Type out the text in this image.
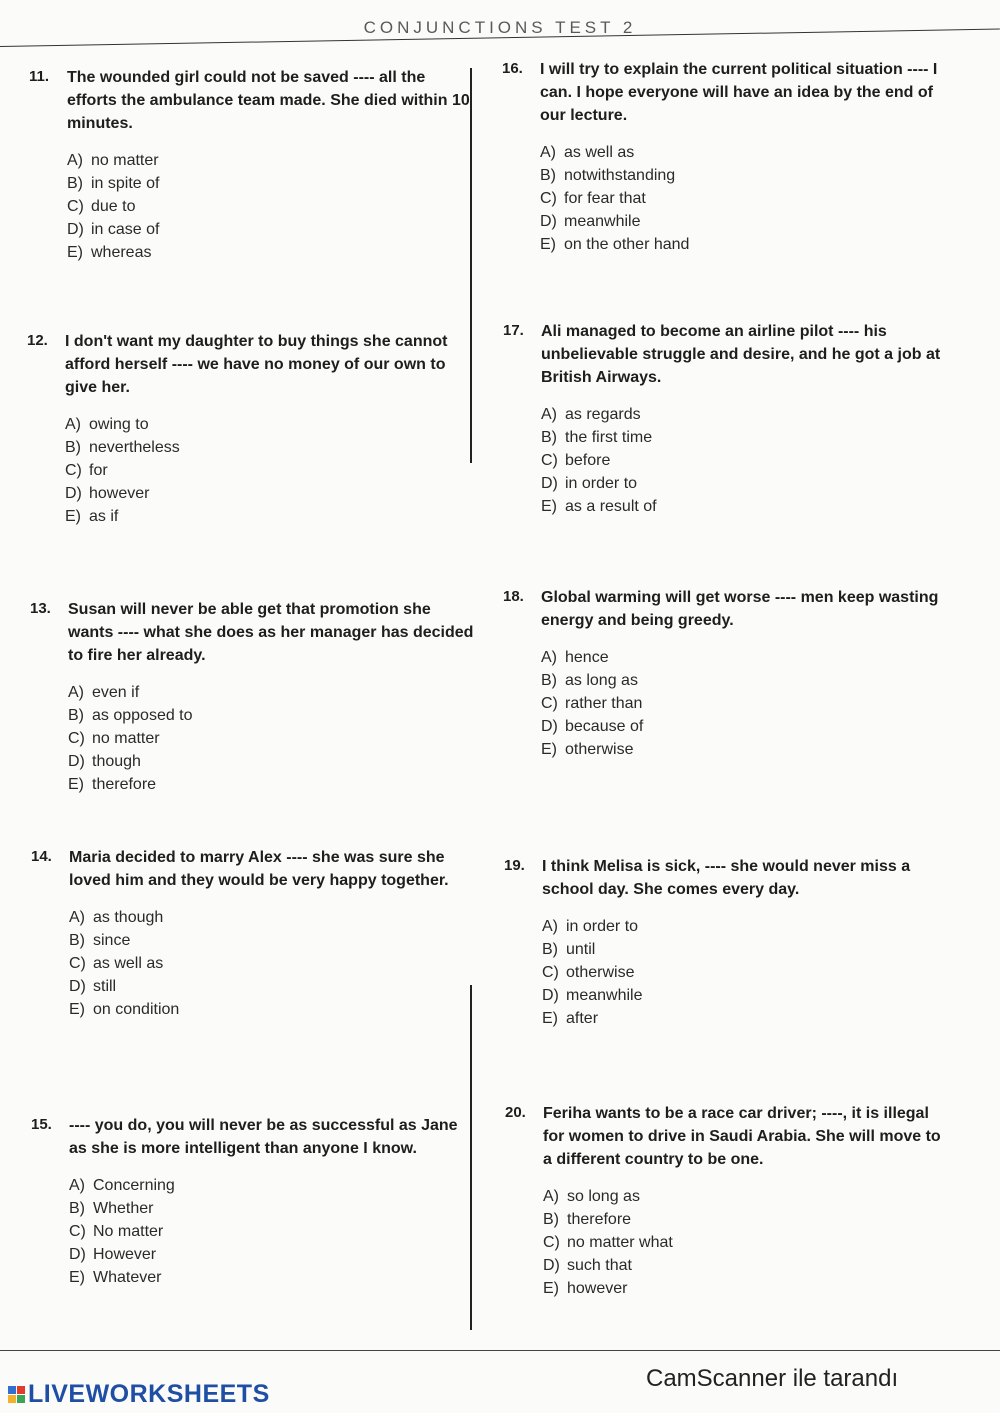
CONJUNCTIONS TEST 2
11. The wounded girl could not be saved ---- all the efforts the ambulance team made. She died within 10 minutes.
A) no matter
B) in spite of
C) due to
D) in case of
E) whereas
12. I don't want my daughter to buy things she cannot afford herself ---- we have no money of our own to give her.
A) owing to
B) nevertheless
C) for
D) however
E) as if
13. Susan will never be able get that promotion she wants ---- what she does as her manager has decided to fire her already.
A) even if
B) as opposed to
C) no matter
D) though
E) therefore
14. Maria decided to marry Alex ---- she was sure she loved him and they would be very happy together.
A) as though
B) since
C) as well as
D) still
E) on condition
15. ---- you do, you will never be as successful as Jane as she is more intelligent than anyone I know.
A) Concerning
B) Whether
C) No matter
D) However
E) Whatever
16. I will try to explain the current political situation ---- I can. I hope everyone will have an idea by the end of our lecture.
A) as well as
B) notwithstanding
C) for fear that
D) meanwhile
E) on the other hand
17. Ali managed to become an airline pilot ---- his unbelievable struggle and desire, and he got a job at British Airways.
A) as regards
B) the first time
C) before
D) in order to
E) as a result of
18. Global warming will get worse ---- men keep wasting energy and being greedy.
A) hence
B) as long as
C) rather than
D) because of
E) otherwise
19. I think Melisa is sick, ---- she would never miss a school day. She comes every day.
A) in order to
B) until
C) otherwise
D) meanwhile
E) after
20. Feriha wants to be a race car driver; ----, it is illegal for women to drive in Saudi Arabia. She will move to a different country to be one.
A) so long as
B) therefore
C) no matter what
D) such that
E) however
LIVEWORKSHEETS
CamScanner ile tarandı
